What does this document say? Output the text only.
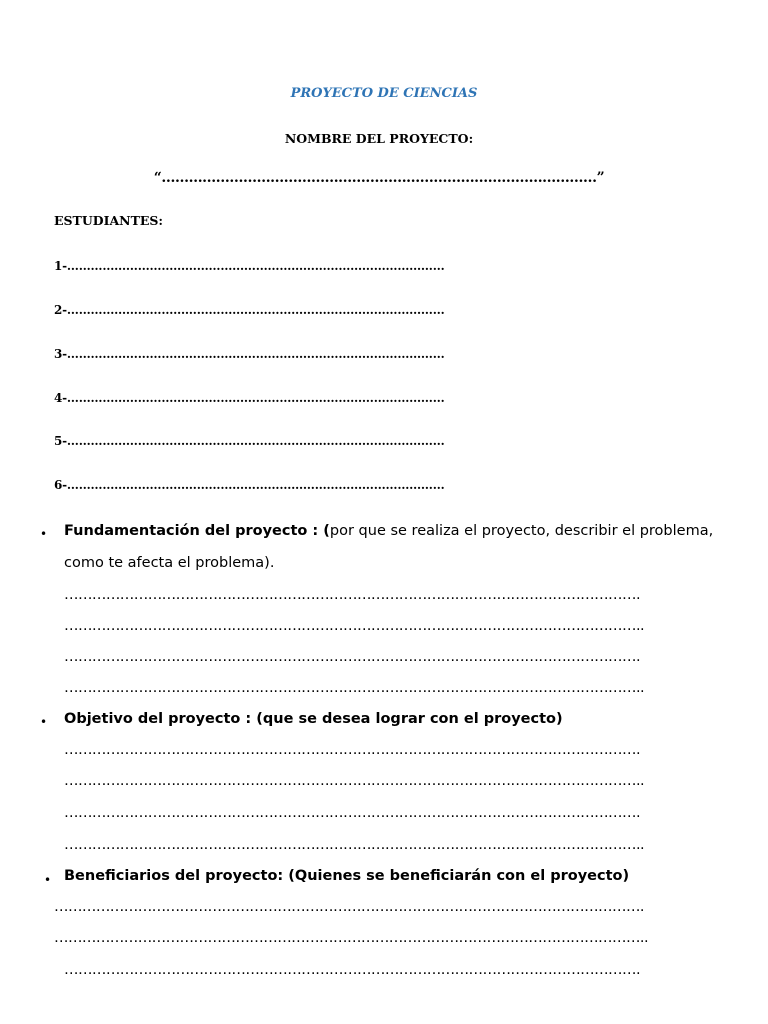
PROYECTO DE CIENCIAS
NOMBRE DEL PROYECTO:
“……………………………………………………………………………………”
ESTUDIANTES:
1-……………………………………………………………………………………
2-……………………………………………………………………………………
3-……………………………………………………………………………………
4-……………………………………………………………………………………
5-……………………………………………………………………………………
6-……………………………………………………………………………………
• Fundamentación del proyecto : (por que se realiza el proyecto, describir el problema,
como te afecta el problema).
…………………………………………………………………………………………………………….
……………………………………………………………………………………………………………..
…………………………………………………………………………………………………………….
……………………………………………………………………………………………………………..
• Objetivo del proyecto : (que se desea lograr con el proyecto)
…………………………………………………………………………………………………………….
……………………………………………………………………………………………………………..
…………………………………………………………………………………………………………….
……………………………………………………………………………………………………………..
• Beneficiarios del proyecto: (Quienes se beneficiarán con el proyecto)
……………………………………………………………………………………………………………….
………………………………………………………………………………………………………………..
…………………………………………………………………………………………………………….
